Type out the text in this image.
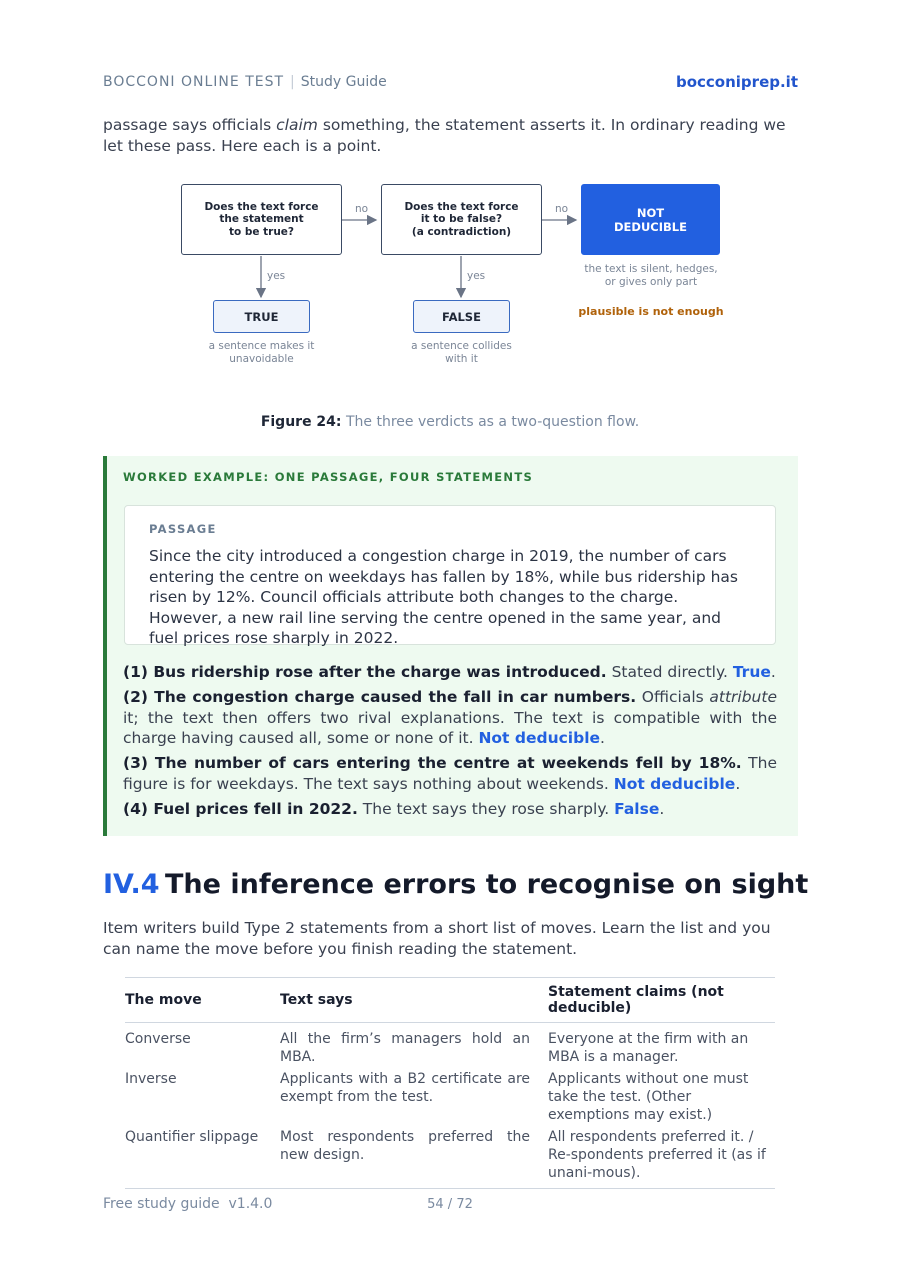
BOCCONI ONLINE TEST | Study Guide	bocconiprep.it
passage says officials claim something, the statement asserts it. In ordinary reading we let these pass. Here each is a point.
Does the text force
the statement
to be true?
Does the text force
it to be false?
(a contradiction)
NOT
DEDUCIBLE
no	no
yes	yes
the text is silent, hedges,
or gives only part
plausible is not enough
TRUE	FALSE
a sentence makes it
unavoidable
a sentence collides
with it
Figure 24: The three verdicts as a two-question flow.
WORKED EXAMPLE: ONE PASSAGE, FOUR STATEMENTS
PASSAGE
Since the city introduced a congestion charge in 2019, the number of cars entering the centre on weekdays has fallen by 18%, while bus ridership has risen by 12%. Council officials attribute both changes to the charge. However, a new rail line serving the centre opened in the same year, and fuel prices rose sharply in 2022.

(1) Bus ridership rose after the charge was introduced. Stated directly. True.

(2) The congestion charge caused the fall in car numbers. Officials attribute it; the text then offers two rival explanations. The text is compatible with the charge having caused all, some or none of it. Not deducible.

(3) The number of cars entering the centre at weekends fell by 18%. The figure is for weekdays. The text says nothing about weekends. Not deducible.

(4) Fuel prices fell in 2022. The text says they rose sharply. False.

IV.4 The inference errors to recognise on sight
Item writers build Type 2 statements from a short list of moves. Learn the list and you can name the move before you finish reading the statement.
The move	Text says	Statement claims (not deducible)
Converse	All the firm’s managers hold an MBA.	Everyone at the firm with an MBA is a manager.
Inverse	Applicants with a B2 certificate are exempt from the test.	Applicants without one must take the test. (Other exemptions may exist.)
Quantifier slippage	Most respondents preferred the new design.	All respondents preferred it. / Re-spondents preferred it (as if unani-mous).
Free study guide v1.4.0	54 / 72
